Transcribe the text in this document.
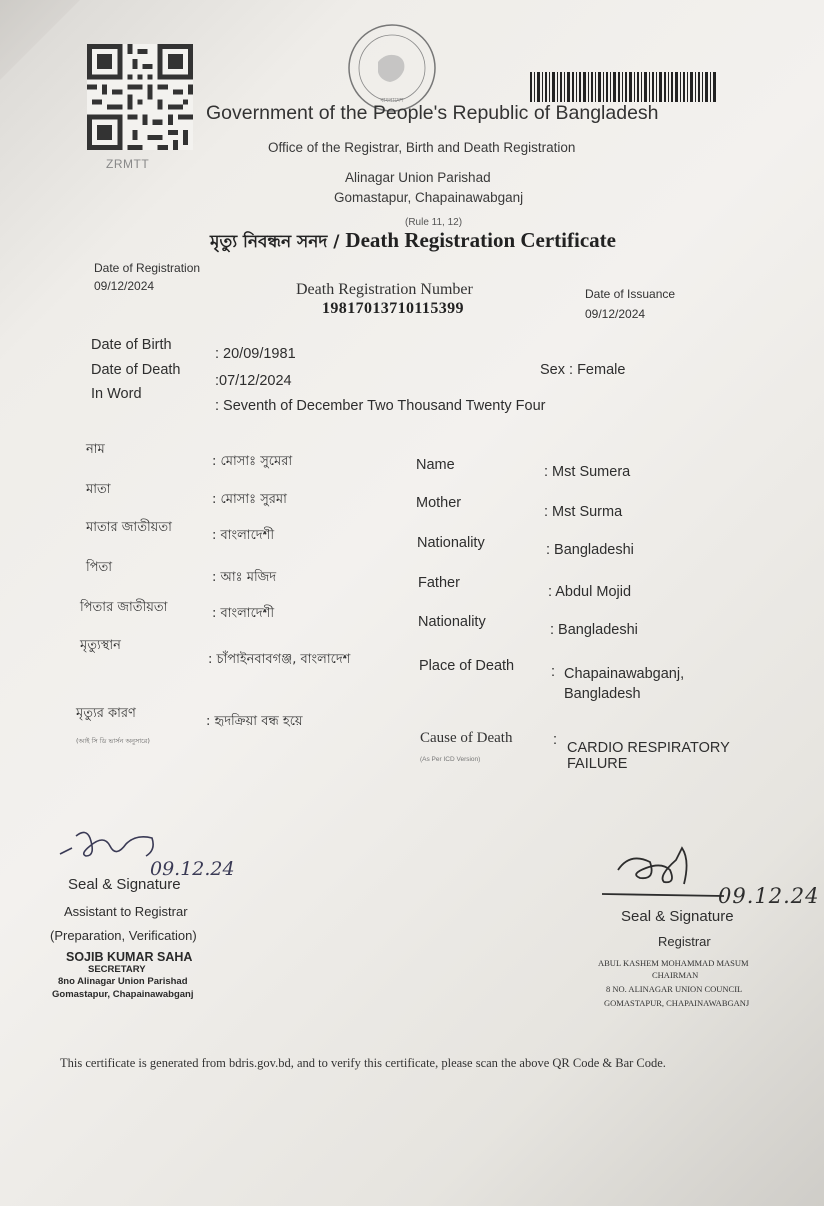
ZRMTT
বাংলাদেশ
Government of the People's Republic of Bangladesh
Office of the Registrar, Birth and Death Registration
Alinagar Union Parishad
Gomastapur, Chapainawabganj
(Rule 11, 12)
মৃত্যু নিবন্ধন সনদ / Death Registration Certificate
Date of Registration
09/12/2024	Death Registration Number
19817013710115399
Date of Issuance
09/12/2024
Date of Birth
: 20/09/1981
Date of Death
:07/12/2024
In Word
: Seventh of December Two Thousand Twenty Four
Sex : Female
নাম
: মোসাঃ সুমেরা
মাতা
: মোসাঃ সুরমা
মাতার জাতীয়তা
: বাংলাদেশী
পিতা
: আঃ মজিদ
পিতার জাতীয়তা	: বাংলাদেশী
মৃত্যুস্থান
: চাঁপাইনবাবগঞ্জ, বাংলাদেশ
মৃত্যুর কারণ
(আই সি ডি ভার্সন অনুসারে)
: হৃদক্রিয়া বন্ধ হয়ে
Name	: Mst Sumera
Mother
: Mst Surma
Nationality	: Bangladeshi
Father
: Abdul Mojid
Nationality	: Bangladeshi
Place of Death	: Chapainawabganj,
Bangladesh
Cause of Death
(As Per ICD Version)
: CARDIO RESPIRATORY
FAILURE
09.12.24
Seal & Signature
Assistant to Registrar
(Preparation, Verification)
SOJIB KUMAR SAHA
SECRETARY
8no Alinagar Union Parishad
Gomastapur, Chapainawabganj
09.12.24
Seal & Signature
Registrar
ABUL KASHEM MOHAMMAD MASUM
CHAIRMAN
8 NO. ALINAGAR UNION COUNCIL
GOMASTAPUR, CHAPAINAWABGANJ
This certificate is generated from bdris.gov.bd, and to verify this certificate, please scan the above QR Code & Bar Code.
